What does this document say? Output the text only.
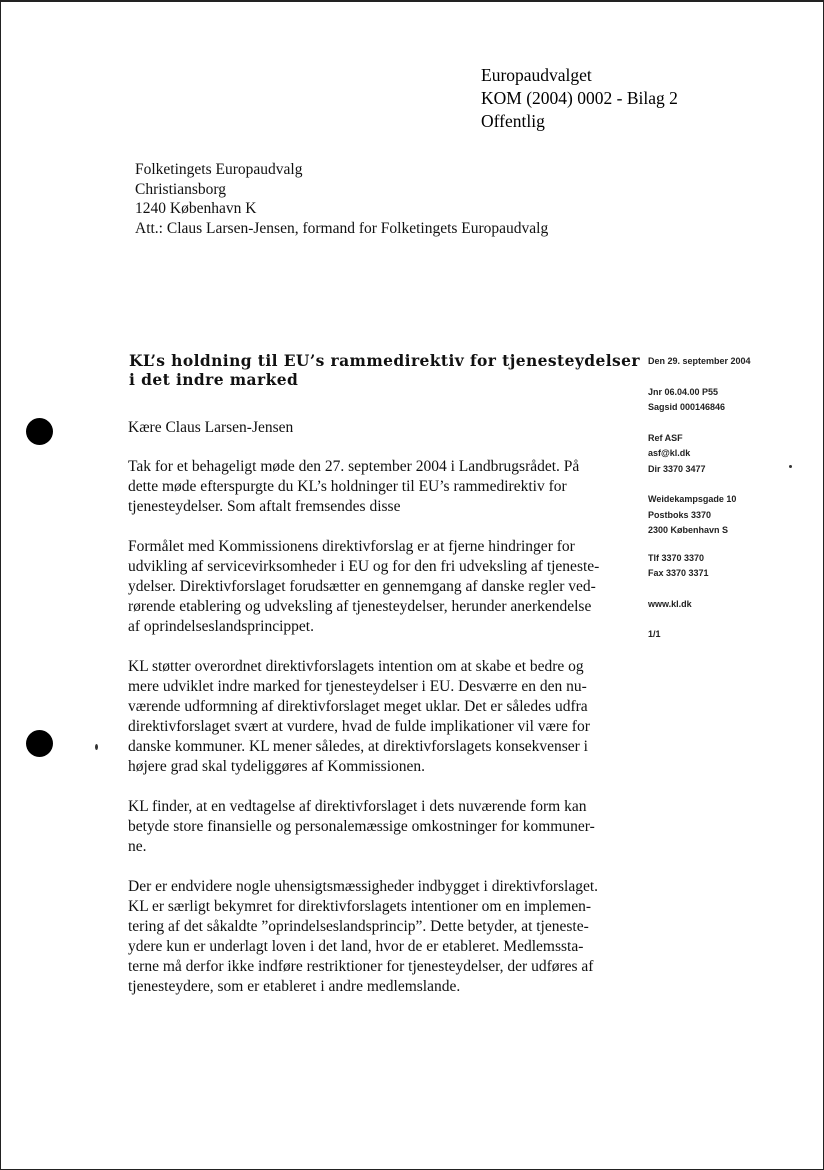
Europaudvalget
KOM (2004) 0002 - Bilag 2
Offentlig
Folketingets Europaudvalg
Christiansborg
1240 København K
Att.: Claus Larsen-Jensen, formand for Folketingets Europaudvalg
KL’s holdning til EU’s rammedirektiv for tjenesteydelser
i det indre marked

Kære Claus Larsen-Jensen

Tak for et behageligt møde den 27. september 2004 i Landbrugsrådet. På
dette møde efterspurgte du KL’s holdninger til EU’s rammedirektiv for
tjenesteydelser. Som aftalt fremsendes disse

Formålet med Kommissionens direktivforslag er at fjerne hindringer for
udvikling af servicevirksomheder i EU og for den fri udveksling af tjeneste-
ydelser. Direktivforslaget forudsætter en gennemgang af danske regler ved-
rørende etablering og udveksling af tjenesteydelser, herunder anerkendelse
af oprindelseslandsprincippet.

KL støtter overordnet direktivforslagets intention om at skabe et bedre og
mere udviklet indre marked for tjenesteydelser i EU. Desværre en den nu-
værende udformning af direktivforslaget meget uklar. Det er således udfra
direktivforslaget svært at vurdere, hvad de fulde implikationer vil være for
danske kommuner. KL mener således, at direktivforslagets konsekvenser i
højere grad skal tydeliggøres af Kommissionen.

KL finder, at en vedtagelse af direktivforslaget i dets nuværende form kan
betyde store finansielle og personalemæssige omkostninger for kommuner-
ne.

Der er endvidere nogle uhensigtsmæssigheder indbygget i direktivforslaget.
KL er særligt bekymret for direktivforslagets intentioner om en implemen-
tering af det såkaldte ”oprindelseslandsprincip”. Dette betyder, at tjeneste-
ydere kun er underlagt loven i det land, hvor de er etableret. Medlemssta-
terne må derfor ikke indføre restriktioner for tjenesteydelser, der udføres af
tjenesteydere, som er etableret i andre medlemslande.

Den 29. september 2004
Jnr 06.04.00 P55
Sagsid 000146846
Ref ASF
asf@kl.dk
Dir 3370 3477
Weidekampsgade 10
Postboks 3370
2300 København S
Tlf 3370 3370
Fax 3370 3371
www.kl.dk
1/1
